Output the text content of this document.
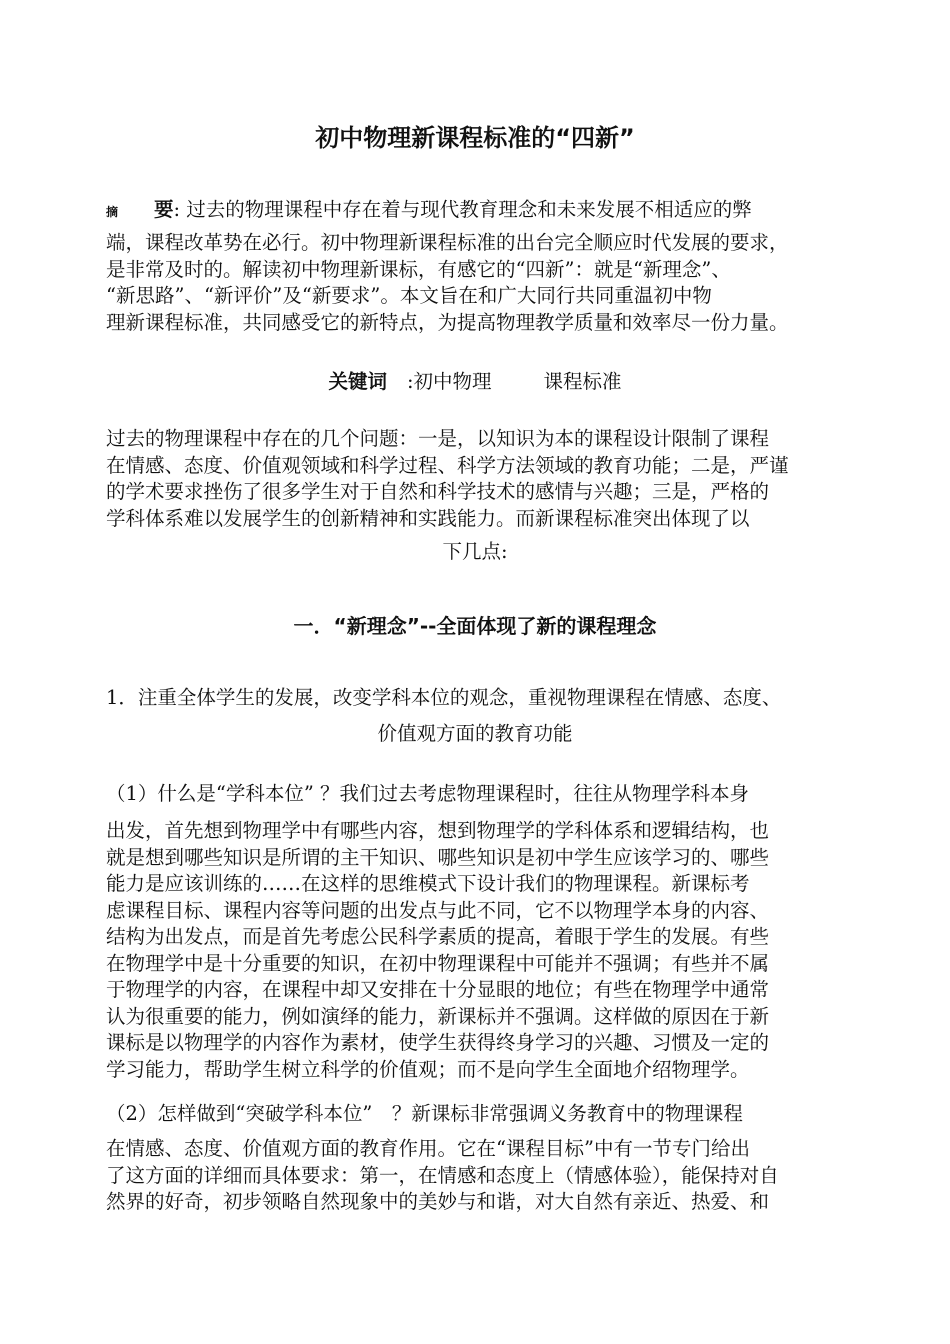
初中物理新课程标准的“四新”
摘 要: 过去的物理课程中存在着与现代教育理念和未来发展不相适应的弊
端，课程改革势在必行。初中物理新课程标准的出台完全顺应时代发展的要求，
是非常及时的。解读初中物理新课标，有感它的“四新”：就是“新理念”、
“新思路”、“新评价”及“新要求”。本文旨在和广大同行共同重温初中物
理新课程标准，共同感受它的新特点，为提高物理教学质量和效率尽一份力量。
关键词 :初中物理	课程标准
过去的物理课程中存在的几个问题：一是，以知识为本的课程设计限制了课程
在情感、态度、价值观领域和科学过程、科学方法领域的教育功能；二是，严谨
的学术要求挫伤了很多学生对于自然和科学技术的感情与兴趣；三是，严格的
学科体系难以发展学生的创新精神和实践能力。而新课程标准突出体现了以
下几点:
一．“新理念”--全面体现了新的课程理念
1．注重全体学生的发展，改变学科本位的观念，重视物理课程在情感、态度、
价值观方面的教育功能
（1）什么是“学科本位” ？我们过去考虑物理课程时，往往从物理学科本身
出发，首先想到物理学中有哪些内容，想到物理学的学科体系和逻辑结构，也
就是想到哪些知识是所谓的主干知识、哪些知识是初中学生应该学习的、哪些
能力是应该训练的……在这样的思维模式下设计我们的物理课程。新课标考
虑课程目标、课程内容等问题的出发点与此不同，它不以物理学本身的内容、
结构为出发点，而是首先考虑公民科学素质的提高，着眼于学生的发展。有些
在物理学中是十分重要的知识，在初中物理课程中可能并不强调；有些并不属
于物理学的内容，在课程中却又安排在十分显眼的地位；有些在物理学中通常
认为很重要的能力，例如演绎的能力，新课标并不强调。这样做的原因在于新
课标是以物理学的内容作为素材，使学生获得终身学习的兴趣、习惯及一定的
学习能力，帮助学生树立科学的价值观；而不是向学生全面地介绍物理学。
（2）怎样做到“突破学科本位”　？新课标非常强调义务教育中的物理课程
在情感、态度、价值观方面的教育作用。它在“课程目标”中有一节专门给出
了这方面的详细而具体要求：第一，在情感和态度上（情感体验），能保持对自
然界的好奇，初步领略自然现象中的美妙与和谐，对大自然有亲近、热爱、和
